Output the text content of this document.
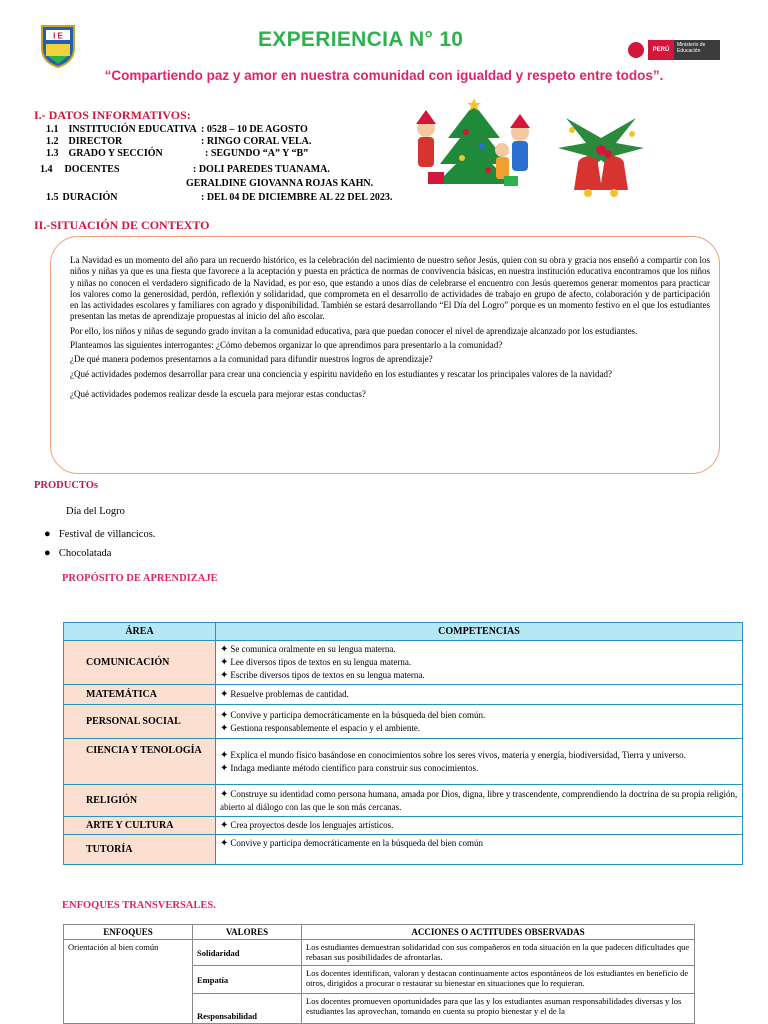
I E	EXPERIENCIA N° 10	PERÚ
Ministerio de Educación
“Compartiendo paz y amor en nuestra comunidad con igualdad y respeto entre todos”.
I.- DATOS INFORMATIVOS:
1.1 INSTITUCIÓN EDUCATIVA : 0528 – 10 DE AGOSTO
1.2 DIRECTOR	: RINGO CORAL VELA.
1.3 GRADO Y SECCIÓN	: SEGUNDO “A” Y “B”
1.4 DOCENTES	: DOLI PAREDES TUANAMA.
GERALDINE GIOVANNA ROJAS KAHN.
1.5 DURACIÓN	: DEL 04 DE DICIEMBRE AL 22 DEL 2023.
II.-SITUACIÓN DE CONTEXTO

La Navidad es un momento del año para un recuerdo histórico, es la celebración del nacimiento de nuestro señor Jesús, quien con su obra y gracia nos enseñó a compartir con los niños y niñas ya que es una fiesta que favorece a la aceptación y puesta en práctica de normas de convivencia básicas, en nuestra institución educativa encontramos que los niños y niñas no conocen el verdadero significado de la Navidad, es por eso, que estando a unos días de celebrarse el encuentro con Jesús queremos generar momentos para practicar los valores como la generosidad, perdón, reflexión y solidaridad, que comprometa en el desarrollo de actividades de trabajo en grupo de afecto, colaboración y de participación en las actividades escolares y familiares con agrado y disponibilidad. También se estará desarrollando “El Día del Logro” porque es un momento festivo en el que los estudiantes presentan las metas de aprendizaje propuestas al inicio del año escolar.

Por ello, los niños y niñas de segundo grado invitan a la comunidad educativa, para que puedan conocer el nivel de aprendizaje alcanzado por los estudiantes.

Planteamos las siguientes interrogantes: ¿Cómo debemos organizar lo que aprendimos para presentarlo a la comunidad?

¿De qué manera podemos presentarnos a la comunidad para difundir nuestros logros de aprendizaje?

¿Qué actividades podemos desarrollar para crear una conciencia y espíritu navideño en los estudiantes y rescatar los principales valores de la navidad?

¿Qué actividades podemos realizar desde la escuela para mejorar estas conductas?

PRODUCTOs
Día del Logro
●   Festival de villancicos.
●   Chocolatada
PROPÓSITO DE APRENDIZAJE
ÁREA	COMPETENCIAS
COMUNICACIÓN	✦ Se comunica oralmente en su lengua materna.
✦ Lee diversos tipos de textos en su lengua materna.
✦ Escribe diversos tipos de textos en su lengua materna.

MATEMÁTICA	✦ Resuelve problemas de cantidad.

PERSONAL SOCIAL	✦ Convive y participa democráticamente en la búsqueda del bien común.
✦ Gestiona responsablemente el espacio y el ambiente.

CIENCIA Y TENOLOGÍA	✦ Explica el mundo físico basándose en conocimientos sobre los seres vivos, materia y energía, biodiversidad, Tierra y universo.
✦ Indaga mediante método científico para construir sus conocimientos.

RELIGIÓN	✦ Construye su identidad como persona humana, amada por Dios, digna, libre y trascendente, comprendiendo la doctrina de su propia religión, abierto al diálogo con las que le son más cercanas.

ARTE Y CULTURA	✦ Crea proyectos desde los lenguajes artísticos.

TUTORÍA	✦ Convive y participa democráticamente en la búsqueda del bien común
ENFOQUES TRANSVERSALES.
ENFOQUES	VALORES	ACCIONES O ACTITUDES OBSERVADAS
Orientación al bien común	Solidaridad	Los estudiantes demuestran solidaridad con sus compañeros en toda situación en la que padecen dificultades que rebasan sus posibilidades de afrontarlas.
	Empatía	Los docentes identifican, valoran y destacan continuamente actos espontáneos de los estudiantes en beneficio de otros, dirigidos a procurar o restaurar su bienestar en situaciones que lo requieran.
	Responsabilidad	Los docentes promueven oportunidades para que las y los estudiantes asuman responsabilidades diversas y los estudiantes las aprovechan, tomando en cuenta su propio bienestar y el de la
